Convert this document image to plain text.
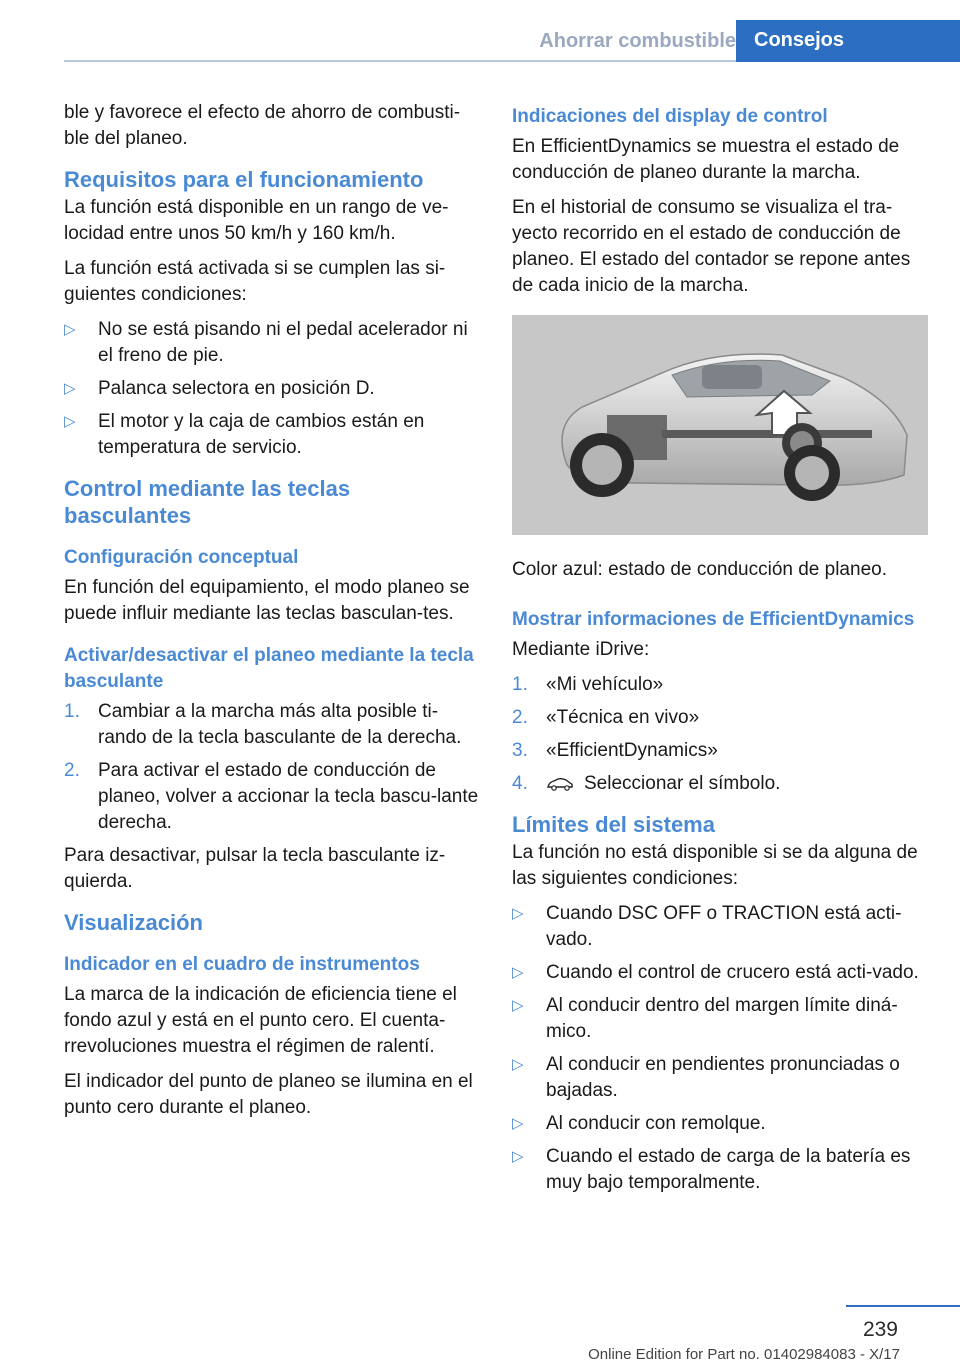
Ahorrar combustible Consejos

ble y favorece el efecto de ahorro de combusti-ble del planeo.

Requisitos para el funcionamiento

La función está disponible en un rango de ve-locidad entre unos 50 km/h y 160 km/h.

La función está activada si se cumplen las si-guientes condiciones:

▷ No se está pisando ni el pedal acelerador ni el freno de pie.
▷ Palanca selectora en posición D.
▷ El motor y la caja de cambios están en temperatura de servicio.
Control mediante las teclas basculantes
Configuración conceptual

En función del equipamiento, el modo planeo se puede influir mediante las teclas basculan-tes.

Activar/desactivar el planeo mediante la tecla basculante
1. Cambiar a la marcha más alta posible ti-rando de la tecla basculante de la derecha.
2. Para activar el estado de conducción de planeo, volver a accionar la tecla bascu-lante derecha.

Para desactivar, pulsar la tecla basculante iz-quierda.

Visualización
Indicador en el cuadro de instrumentos

La marca de la indicación de eficiencia tiene el fondo azul y está en el punto cero. El cuenta-rrevoluciones muestra el régimen de ralentí.

El indicador del punto de planeo se ilumina en el punto cero durante el planeo.

Indicaciones del display de control

En EfficientDynamics se muestra el estado de conducción de planeo durante la marcha.

En el historial de consumo se visualiza el tra-yecto recorrido en el estado de conducción de planeo. El estado del contador se repone antes de cada inicio de la marcha.

Color azul: estado de conducción de planeo.

Mostrar informaciones de EfficientDynamics

Mediante iDrive:

1. «Mi vehículo»
2. «Técnica en vivo»
3. «EfficientDynamics»
4.	Seleccionar el símbolo.
Límites del sistema

La función no está disponible si se da alguna de las siguientes condiciones:

▷ Cuando DSC OFF o TRACTION está acti-vado.
▷ Cuando el control de crucero está acti-vado.
▷ Al conducir dentro del margen límite diná-mico.
▷ Al conducir en pendientes pronunciadas o bajadas.
▷ Al conducir con remolque.
▷ Cuando el estado de carga de la batería es muy bajo temporalmente.
239
Online Edition for Part no. 01402984083 - X/17
